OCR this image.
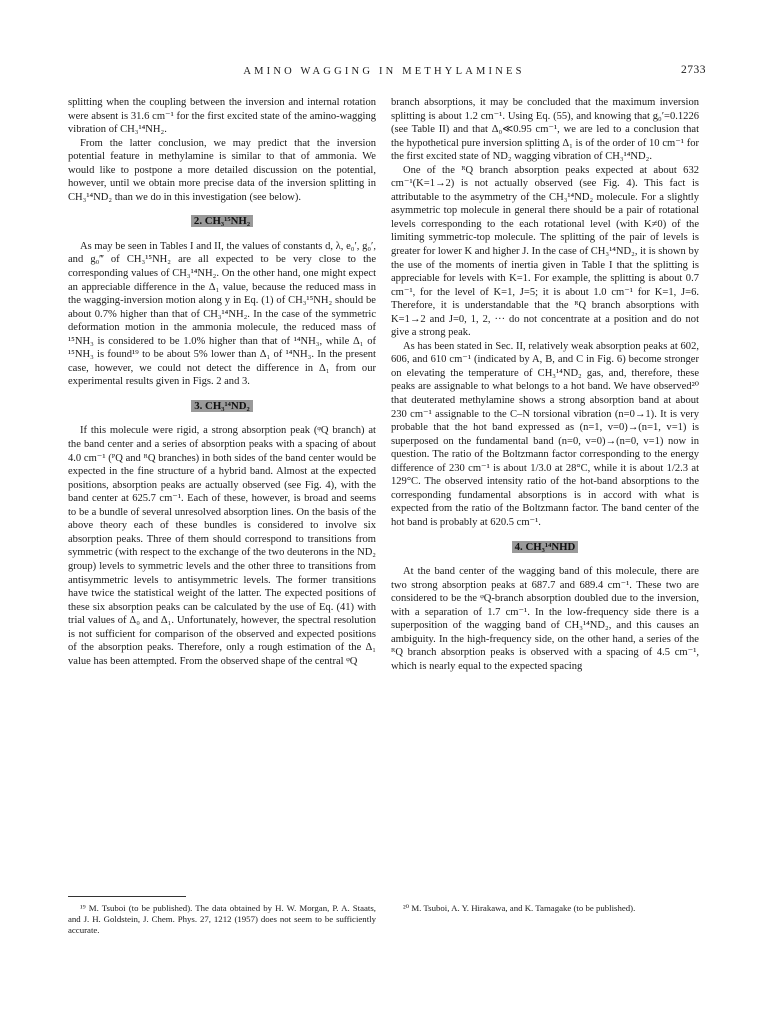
AMINO WAGGING IN METHYLAMINES	2733

splitting when the coupling between the inversion and internal rotation were absent is 31.6 cm⁻¹ for the first excited state of the amino-wagging vibration of CH₃¹⁴NH₂.

From the latter conclusion, we may predict that the inversion potential feature in methylamine is similar to that of ammonia. We would like to postpone a more detailed discussion on the potential, however, until we obtain more precise data of the inversion splitting in CH₃¹⁴ND₂ than we do in this investigation (see below).

2. CH₃¹⁵NH₂

As may be seen in Tables I and II, the values of constants d, λ, e₀′, g₀′, and g₀‴ of CH₃¹⁵NH₂ are all expected to be very close to the corresponding values of CH₃¹⁴NH₂. On the other hand, one might expect an appreciable difference in the Δ₁ value, because the reduced mass in the wagging-inversion motion along y in Eq. (1) of CH₃¹⁵NH₂ should be about 0.7% higher than that of CH₃¹⁴NH₂. In the case of the symmetric deformation motion in the ammonia molecule, the reduced mass of ¹⁵NH₃ is considered to be 1.0% higher than that of ¹⁴NH₃, while Δ₁ of ¹⁵NH₃ is found¹⁹ to be about 5% lower than Δ₁ of ¹⁴NH₃. In the present case, however, we could not detect the difference in Δ₁ from our experimental results given in Figs. 2 and 3.

3. CH₃¹⁴ND₂

If this molecule were rigid, a strong absorption peak (ᵠQ branch) at the band center and a series of absorption peaks with a spacing of about 4.0 cm⁻¹ (ᴾQ and ᴿQ branches) in both sides of the band center would be expected in the fine structure of a hybrid band. Almost at the expected positions, absorption peaks are actually observed (see Fig. 4), with the band center at 625.7 cm⁻¹. Each of these, however, is broad and seems to be a bundle of several unresolved absorption lines. On the basis of the above theory each of these bundles is considered to involve six absorption peaks. Three of them should correspond to transitions from symmetric (with respect to the exchange of the two deuterons in the ND₂ group) levels to symmetric levels and the other three to transitions from antisymmetric levels to antisymmetric levels. The former transitions have twice the statistical weight of the latter. The expected positions of these six absorption peaks can be calculated by the use of Eq. (41) with trial values of Δ₀ and Δ₁. Unfortunately, however, the spectral resolution is not sufficient for comparison of the observed and expected positions of the absorption peaks. Therefore, only a rough estimation of the Δ₁ value has been attempted. From the observed shape of the central ᵠQ

branch absorptions, it may be concluded that the maximum inversion splitting is about 1.2 cm⁻¹. Using Eq. (55), and knowing that g₀′=0.1226 (see Table II) and that Δ₀≪0.95 cm⁻¹, we are led to a conclusion that the hypothetical pure inversion splitting Δ₁ is of the order of 10 cm⁻¹ for the first excited state of ND₂ wagging vibration of CH₃¹⁴ND₂.

One of the ᴿQ branch absorption peaks expected at about 632 cm⁻¹(K=1→2) is not actually observed (see Fig. 4). This fact is attributable to the asymmetry of the CH₃¹⁴ND₂ molecule. For a slightly asymmetric top molecule in general there should be a pair of rotational levels corresponding to the each rotational level (with K≠0) of the limiting symmetric-top molecule. The splitting of the pair of levels is greater for lower K and higher J. In the case of CH₃¹⁴ND₂, it is shown by the use of the moments of inertia given in Table I that the splitting is appreciable for levels with K=1. For example, the splitting is about 0.7 cm⁻¹, for the level of K=1, J=5; it is about 1.0 cm⁻¹ for K=1, J=6. Therefore, it is understandable that the ᴿQ branch absorptions with K=1→2 and J=0, 1, 2, ··· do not concentrate at a position and do not give a strong peak.

As has been stated in Sec. II, relatively weak absorption peaks at 602, 606, and 610 cm⁻¹ (indicated by A, B, and C in Fig. 6) become stronger on elevating the temperature of CH₃¹⁴ND₂ gas, and, therefore, these peaks are assignable to what belongs to a hot band. We have observed²⁰ that deuterated methylamine shows a strong absorption band at about 230 cm⁻¹ assignable to the C–N torsional vibration (n=0→1). It is very probable that the hot band expressed as (n=1, v=0)→(n=1, v=1) is superposed on the fundamental band (n=0, v=0)→(n=0, v=1) now in question. The ratio of the Boltzmann factor corresponding to the energy difference of 230 cm⁻¹ is about 1/3.0 at 28°C, while it is about 1/2.3 at 129°C. The observed intensity ratio of the hot-band absorptions to the corresponding fundamental absorptions is in accord with what is expected from the ratio of the Boltzmann factor. The band center of the hot band is probably at 620.5 cm⁻¹.

4. CH₃¹⁴NHD

At the band center of the wagging band of this molecule, there are two strong absorption peaks at 687.7 and 689.4 cm⁻¹. These two are considered to be the ᵠQ-branch absorption doubled due to the inversion, with a separation of 1.7 cm⁻¹. In the low-frequency side there is a superposition of the wagging band of CH₃¹⁴ND₂, and this causes an ambiguity. In the high-frequency side, on the other hand, a series of the ᴿQ branch absorption peaks is observed with a spacing of 4.5 cm⁻¹, which is nearly equal to the expected spacing

¹⁹ M. Tsuboi (to be published). The data obtained by H. W. Morgan, P. A. Staats, and J. H. Goldstein, J. Chem. Phys. 27, 1212 (1957) does not seem to be sufficiently accurate.

²⁰ M. Tsuboi, A. Y. Hirakawa, and K. Tamagake (to be published).
